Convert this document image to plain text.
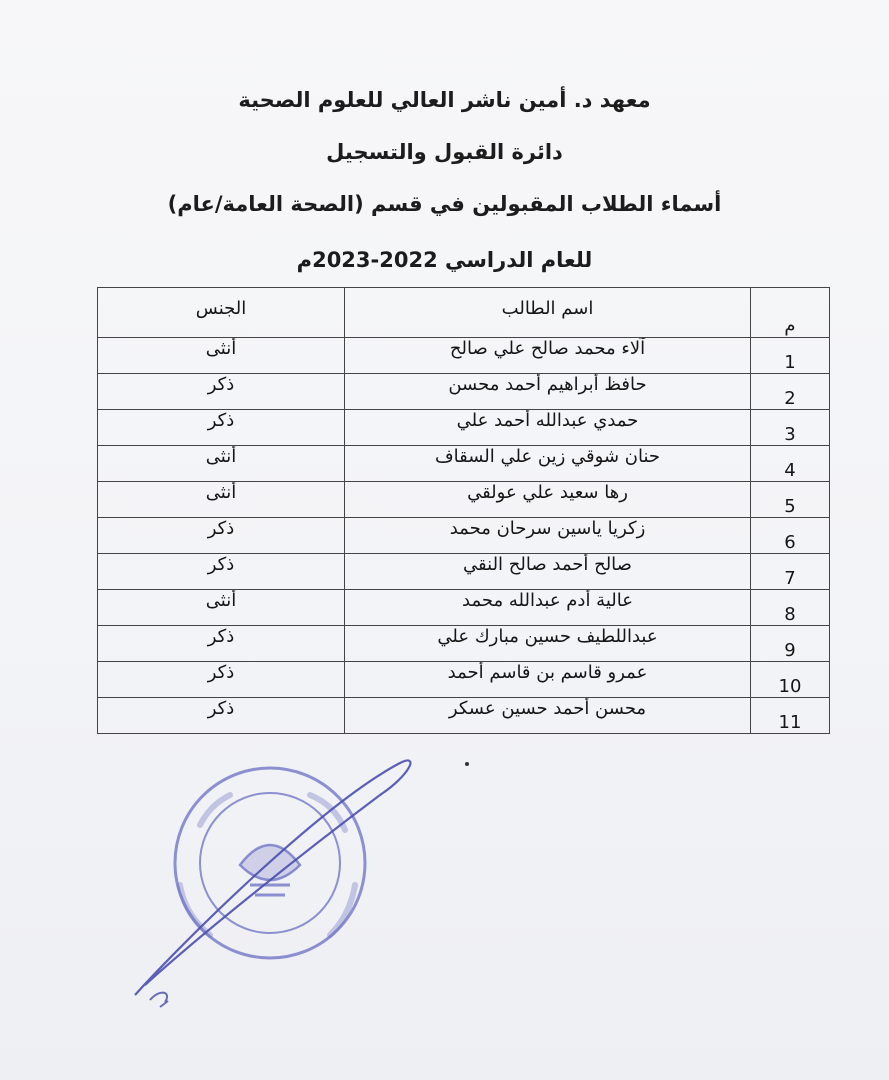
معهد د. أمين ناشر العالي للعلوم الصحية
دائرة القبول والتسجيل
أسماء الطلاب المقبولين في قسم (الصحة العامة/عام)
للعام الدراسي 2022-2023م
م	اسم الطالب	الجنس

1	آلاء محمد صالح علي صالح	أنثى
2	حافظ أبراهيم أحمد محسن	ذكر
3	حمدي عبدالله أحمد علي	ذكر
4	حنان شوقي زين علي السقاف	أنثى
5	رها سعيد علي عولقي	أنثى
6	زكريا ياسين سرحان محمد	ذكر
7	صالح أحمد صالح النقي	ذكر
8	عالية أدم عبدالله محمد	أنثى
9	عبداللطيف حسين مبارك علي	ذكر
10	عمرو قاسم بن قاسم أحمد	ذكر
11	محسن أحمد حسين عسكر	ذكر
